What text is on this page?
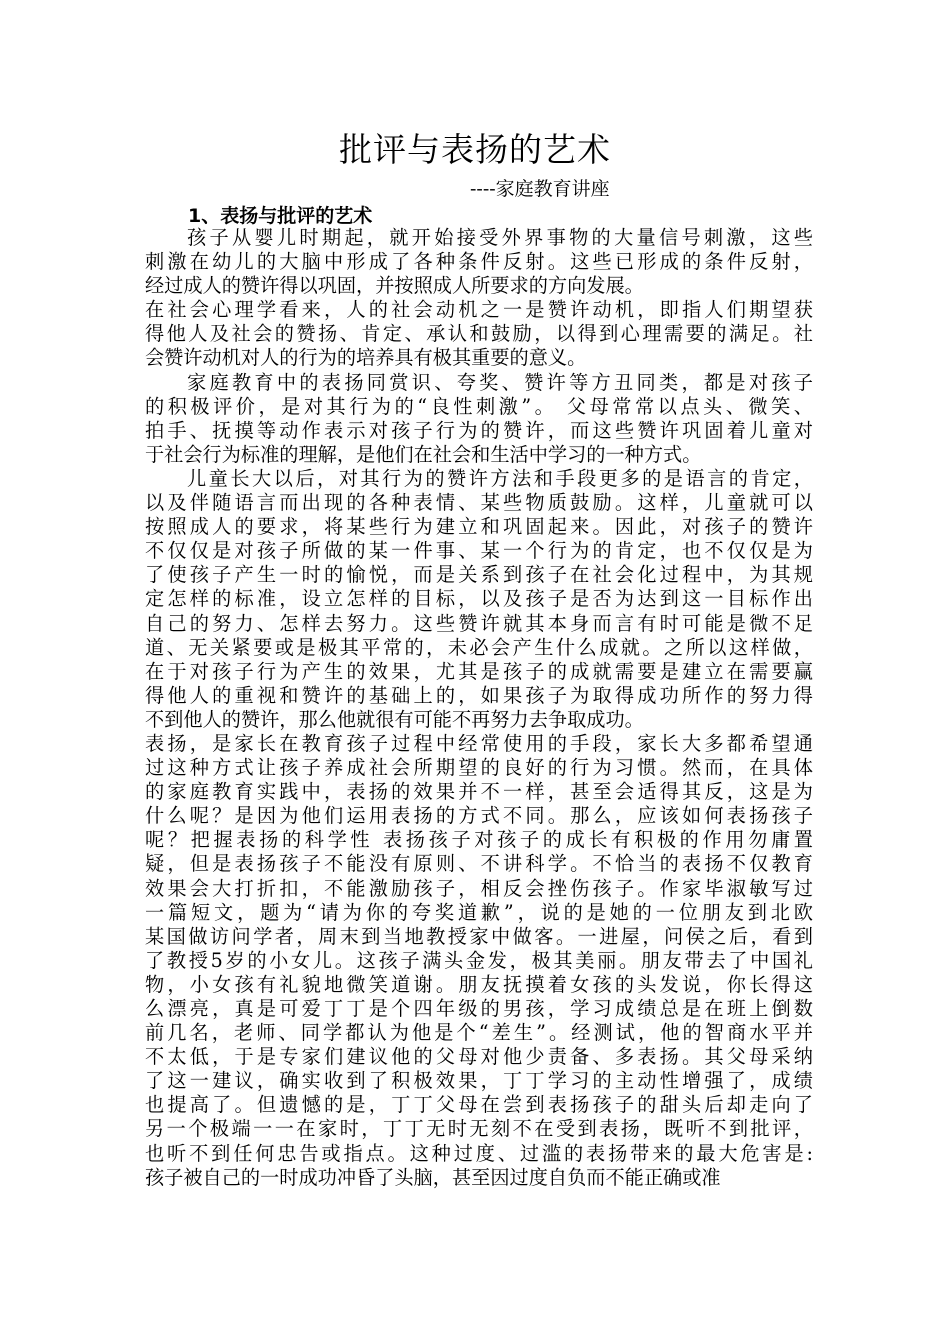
批评与表扬的艺术
----家庭教育讲座
1、表扬与批评的艺术
孩子从婴儿时期起，就开始接受外界事物的大量信号刺激，这些
刺激在幼儿的大脑中形成了各种条件反射。这些已形成的条件反射，
经过成人的赞许得以巩固，并按照成人所要求的方向发展。
在社会心理学看来，人的社会动机之一是赞许动机，即指人们期望获
得他人及社会的赞扬、肯定、承认和鼓励，以得到心理需要的满足。社
会赞许动机对人的行为的培养具有极其重要的意义。
家庭教育中的表扬同赏识、夸奖、赞许等方丑同类，都是对孩子
的积极评价，是对其行为的“良性刺激”。 父母常常以点头、微笑、
拍手、抚摸等动作表示对孩子行为的赞许，而这些赞许巩固着儿童对
于社会行为标准的理解，是他们在社会和生活中学习的一种方式。
儿童长大以后，对其行为的赞许方法和手段更多的是语言的肯定，
以及伴随语言而出现的各种表情、某些物质鼓励。这样，儿童就可以
按照成人的要求，将某些行为建立和巩固起来。因此，对孩子的赞许
不仅仅是对孩子所做的某一件事、某一个行为的肯定，也不仅仅是为
了使孩子产生一时的愉悦，而是关系到孩子在社会化过程中，为其规
定怎样的标准，设立怎样的目标，以及孩子是否为达到这一目标作出
自己的努力、怎样去努力。这些赞许就其本身而言有时可能是微不足
道、无关紧要或是极其平常的，未必会产生什么成就。之所以这样做，
在于对孩子行为产生的效果，尤其是孩子的成就需要是建立在需要赢
得他人的重视和赞许的基础上的，如果孩子为取得成功所作的努力得
不到他人的赞许，那么他就很有可能不再努力去争取成功。
表扬，是家长在教育孩子过程中经常使用的手段，家长大多都希望通
过这种方式让孩子养成社会所期望的良好的行为习惯。然而，在具体
的家庭教育实践中，表扬的效果并不一样，甚至会适得其反，这是为
什么呢？是因为他们运用表扬的方式不同。那么，应该如何表扬孩子
呢？把握表扬的科学性 表扬孩子对孩子的成长有积极的作用勿庸置
疑，但是表扬孩子不能没有原则、不讲科学。不恰当的表扬不仅教育
效果会大打折扣，不能激励孩子，相反会挫伤孩子。作家毕淑敏写过
一篇短文，题为“请为你的夸奖道歉”，说的是她的一位朋友到北欧
某国做访问学者，周末到当地教授家中做客。一进屋，问侯之后，看到
了教授5岁的小女儿。这孩子满头金发，极其美丽。朋友带去了中国礼
物，小女孩有礼貌地微笑道谢。朋友抚摸着女孩的头发说，你长得这
么漂亮，真是可爱丁丁是个四年级的男孩，学习成绩总是在班上倒数
前几名，老师、同学都认为他是个“差生”。经测试，他的智商水平并
不太低，于是专家们建议他的父母对他少责备、多表扬。其父母采纳
了这一建议，确实收到了积极效果，丁丁学习的主动性增强了，成绩
也提高了。但遗憾的是，丁丁父母在尝到表扬孩子的甜头后却走向了
另一个极端一一在家时，丁丁无时无刻不在受到表扬，既听不到批评，
也听不到任何忠告或指点。这种过度、过滥的表扬带来的最大危害是:
孩子被自己的一时成功冲昏了头脑，甚至因过度自负而不能正确或准
